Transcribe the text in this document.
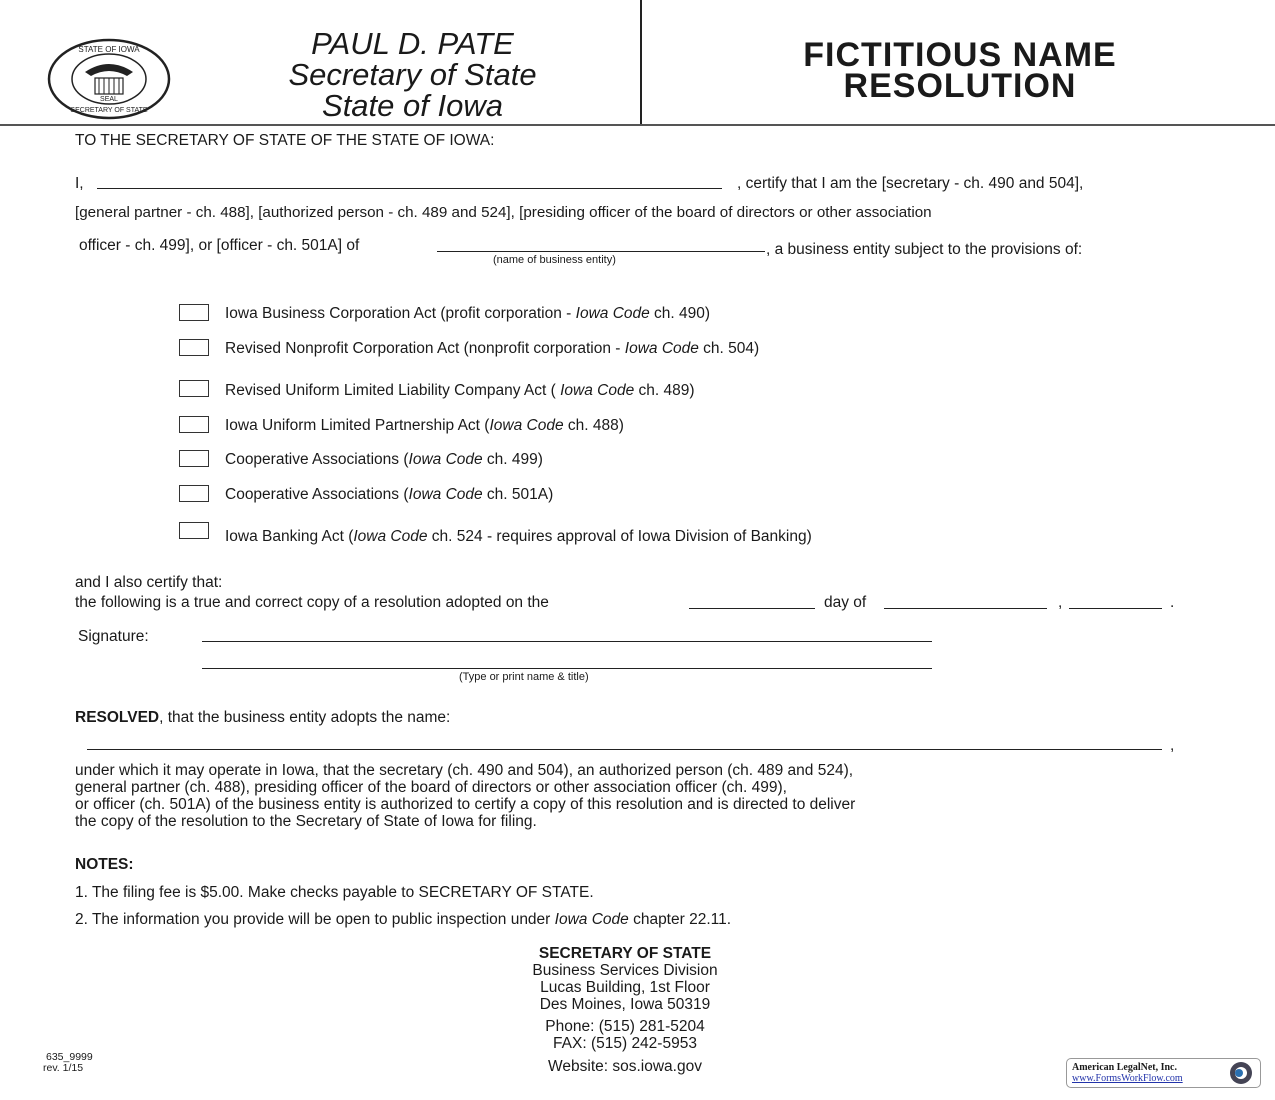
STATE OF IOWA
SECRETARY OF STATE
SEAL
PAUL D. PATE
Secretary of State
State of Iowa
FICTITIOUS NAME
RESOLUTION
TO THE SECRETARY OF STATE OF THE STATE OF IOWA:
I,	, certify that I am the [secretary - ch. 490 and 504],
[general partner - ch. 488], [authorized person - ch. 489 and 524], [presiding officer of the board of directors or other association
officer - ch. 499], or [officer - ch. 501A] of	, a business entity subject to the provisions of:
(name of business entity)
Iowa Business Corporation Act (profit corporation - Iowa Code ch. 490)
Revised Nonprofit Corporation Act (nonprofit corporation - Iowa Code ch. 504)
Revised Uniform Limited Liability Company Act ( Iowa Code ch. 489)
Iowa Uniform Limited Partnership Act (Iowa Code ch. 488)
Cooperative Associations (Iowa Code ch. 499)
Cooperative Associations (Iowa Code ch. 501A)
Iowa Banking Act (Iowa Code ch. 524 - requires approval of Iowa Division of Banking)
and I also certify that:
the following is a true and correct copy of a resolution adopted on the	day of	,	.
Signature:
(Type or print name & title)
RESOLVED, that the business entity adopts the name:
,
under which it may operate in Iowa, that the secretary (ch. 490 and 504), an authorized person (ch. 489 and 524),
general partner (ch. 488), presiding officer of the board of directors or other association officer (ch. 499),
or officer (ch. 501A) of the business entity is authorized to certify a copy of this resolution and is directed to deliver
the copy of the resolution to the Secretary of State of Iowa for filing.
NOTES:
1. The filing fee is $5.00. Make checks payable to SECRETARY OF STATE.
2. The information you provide will be open to public inspection under Iowa Code chapter 22.11.
SECRETARY OF STATE
Business Services Division
Lucas Building, 1st Floor
Des Moines, Iowa 50319
Phone: (515) 281-5204
FAX: (515) 242-5953
Website: sos.iowa.gov
635_9999
rev. 1/15	American LegalNet, Inc.
www.FormsWorkFlow.com
